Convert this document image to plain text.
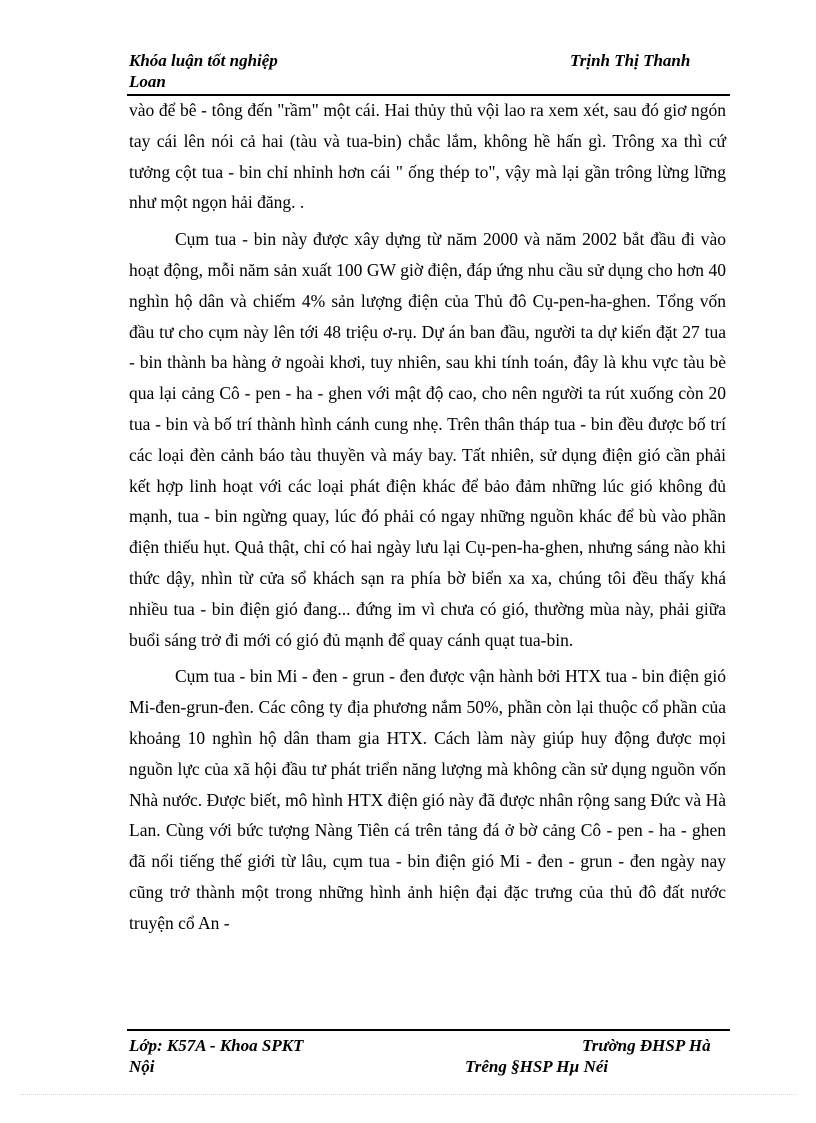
Khóa luận tốt nghiệp	Trịnh Thị Thanh
Loan

vào để bê - tông đến "rầm" một cái. Hai thủy thủ vội lao ra xem xét, sau đó giơ ngón tay cái lên nói cả hai (tàu và tua-bin) chắc lắm, không hề hấn gì. Trông xa thì cứ tưởng cột tua - bin chỉ nhỉnh hơn cái " ống thép to", vậy mà lại gần trông lừng lững như một ngọn hải đăng. .

Cụm tua - bin này được xây dựng từ năm 2000 và năm 2002 bắt đầu đi vào hoạt động, mỗi năm sản xuất 100 GW giờ điện, đáp ứng nhu cầu sử dụng cho hơn 40 nghìn hộ dân và chiếm 4% sản lượng điện của Thủ đô Cụ-pen-ha-ghen. Tổng vốn đầu tư cho cụm này lên tới 48 triệu ơ-rụ. Dự án ban đầu, người ta dự kiến đặt 27 tua - bin thành ba hàng ở ngoài khơi, tuy nhiên, sau khi tính toán, đây là khu vực tàu bè qua lại cảng Cô - pen - ha - ghen với mật độ cao, cho nên người ta rút xuống còn 20 tua - bin và bố trí thành hình cánh cung nhẹ. Trên thân tháp tua - bin đều được bố trí các loại đèn cảnh báo tàu thuyền và máy bay. Tất nhiên, sử dụng điện gió cần phải kết hợp linh hoạt với các loại phát điện khác để bảo đảm những lúc gió không đủ mạnh, tua - bin ngừng quay, lúc đó phải có ngay những nguồn khác để bù vào phần điện thiếu hụt. Quả thật, chỉ có hai ngày lưu lại Cụ-pen-ha-ghen, nhưng sáng nào khi thức dậy, nhìn từ cửa sổ khách sạn ra phía bờ biển xa xa, chúng tôi đều thấy khá nhiều tua - bin điện gió đang... đứng im vì chưa có gió, thường mùa này, phải giữa buổi sáng trở đi mới có gió đủ mạnh để quay cánh quạt tua-bin.

Cụm tua - bin Mi - đen - grun - đen được vận hành bởi HTX tua - bin điện gió Mi-đen-grun-đen. Các công ty địa phương nắm 50%, phần còn lại thuộc cổ phần của khoảng 10 nghìn hộ dân tham gia HTX. Cách làm này giúp huy động được mọi nguồn lực của xã hội đầu tư phát triển năng lượng mà không cần sử dụng nguồn vốn Nhà nước. Được biết, mô hình HTX điện gió này đã được nhân rộng sang Đức và Hà Lan. Cùng với bức tượng Nàng Tiên cá trên tảng đá ở bờ cảng Cô - pen - ha - ghen đã nổi tiếng thế giới từ lâu, cụm tua - bin điện gió Mi - đen - grun - đen ngày nay cũng trở thành một trong những hình ảnh hiện đại đặc trưng của thủ đô đất nước truyện cổ An -

Lớp: K57A - Khoa SPKT	Trường ĐHSP Hà
Nội	Trêng §HSP Hµ Néi
